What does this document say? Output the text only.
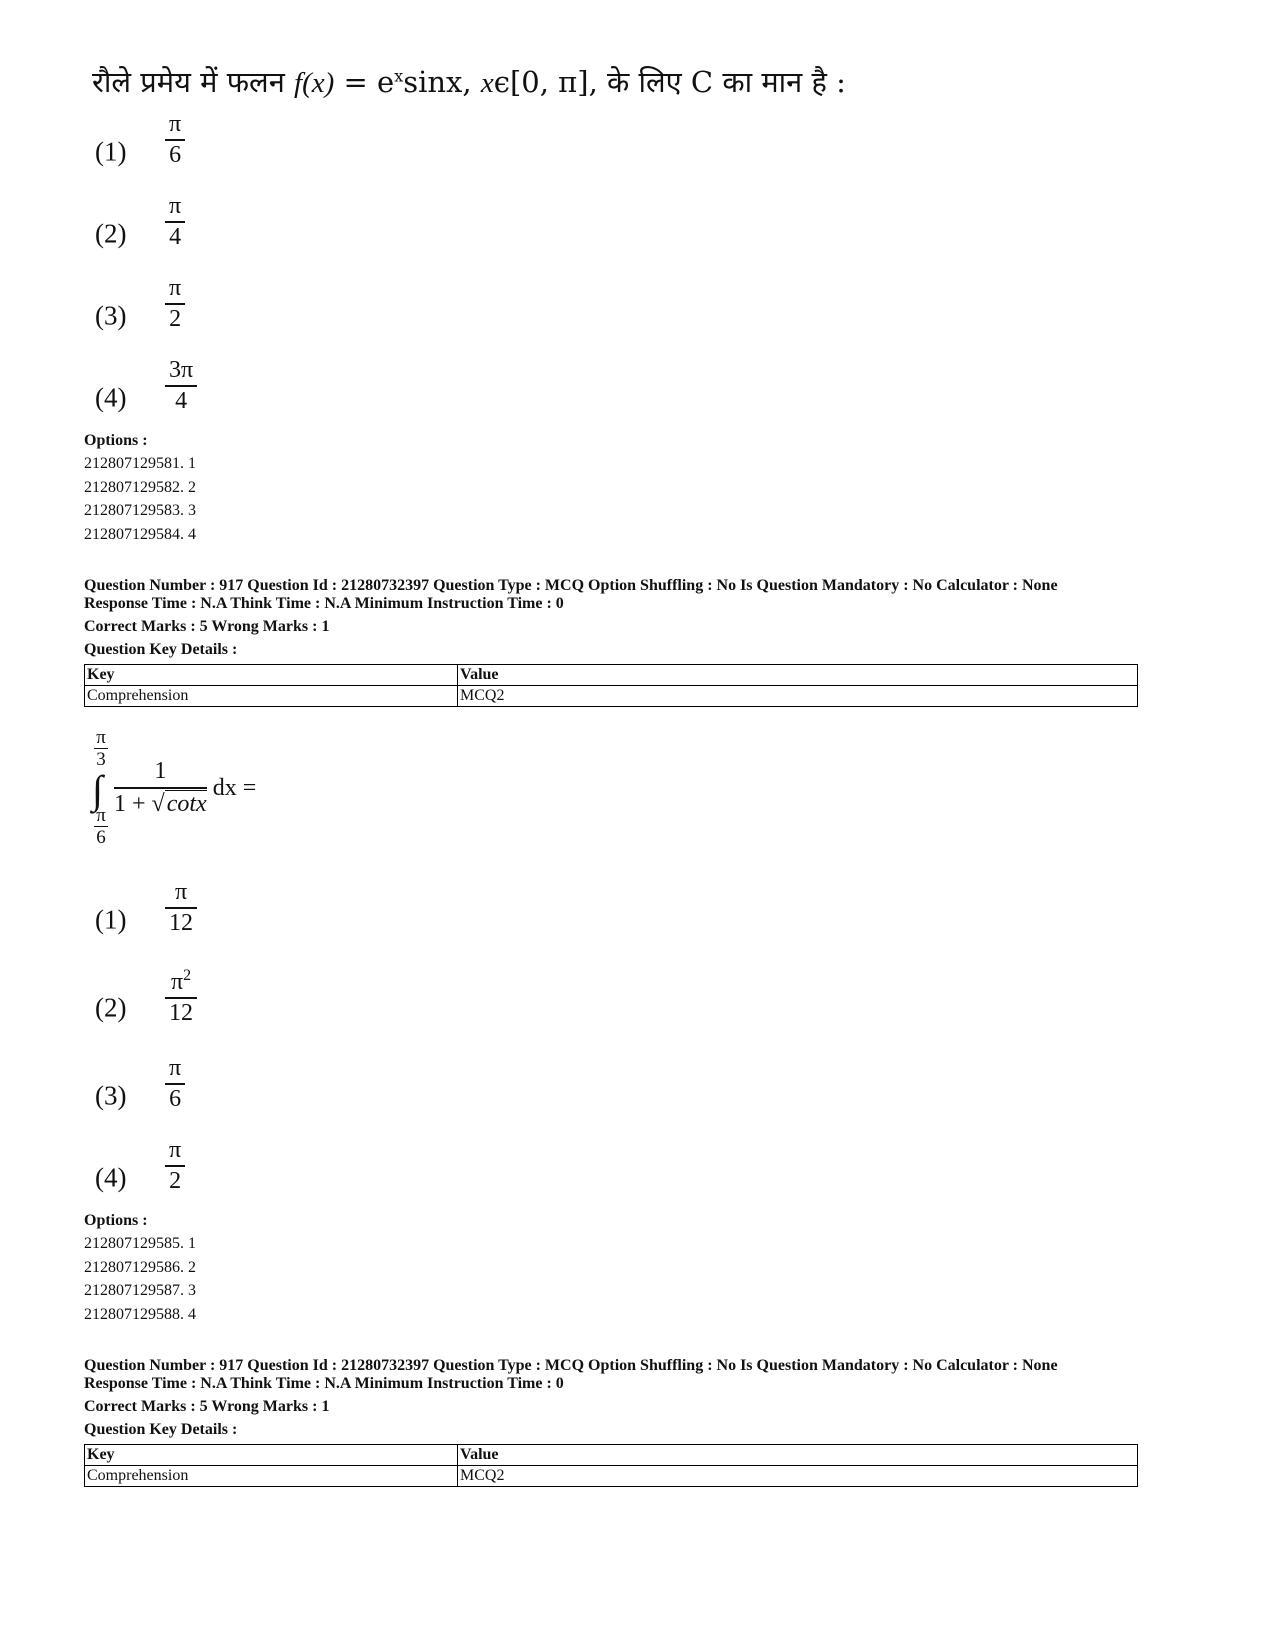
रौले प्रमेय में फलन $f(x) = e^x\sin x$, xϵ[0, π], के लिए C का मान है :
(1)
π
6
(2)
π
4
(3)
π
2
(4)
3π
4
Options :
212807129581. 1
212807129582. 2
212807129583. 3
212807129584. 4
Question Number : 917 Question Id : 21280732397 Question Type : MCQ Option Shuffling : No Is Question Mandatory : No Calculator : None
Response Time : N.A Think Time : N.A Minimum Instruction Time : 0
Correct Marks : 5 Wrong Marks : 1
Question Key Details :
Key	Value
Comprehension	MCQ2
π
3
∫
π
6
1
1 + √cotx
dx =
(1)
π
12
(2)
$\pi^2$
12
(3)
π
6
(4)
π
2
Options :
212807129585. 1
212807129586. 2
212807129587. 3
212807129588. 4
Question Number : 917 Question Id : 21280732397 Question Type : MCQ Option Shuffling : No Is Question Mandatory : No Calculator : None
Response Time : N.A Think Time : N.A Minimum Instruction Time : 0
Correct Marks : 5 Wrong Marks : 1
Question Key Details :
Key	Value
Comprehension	MCQ2
